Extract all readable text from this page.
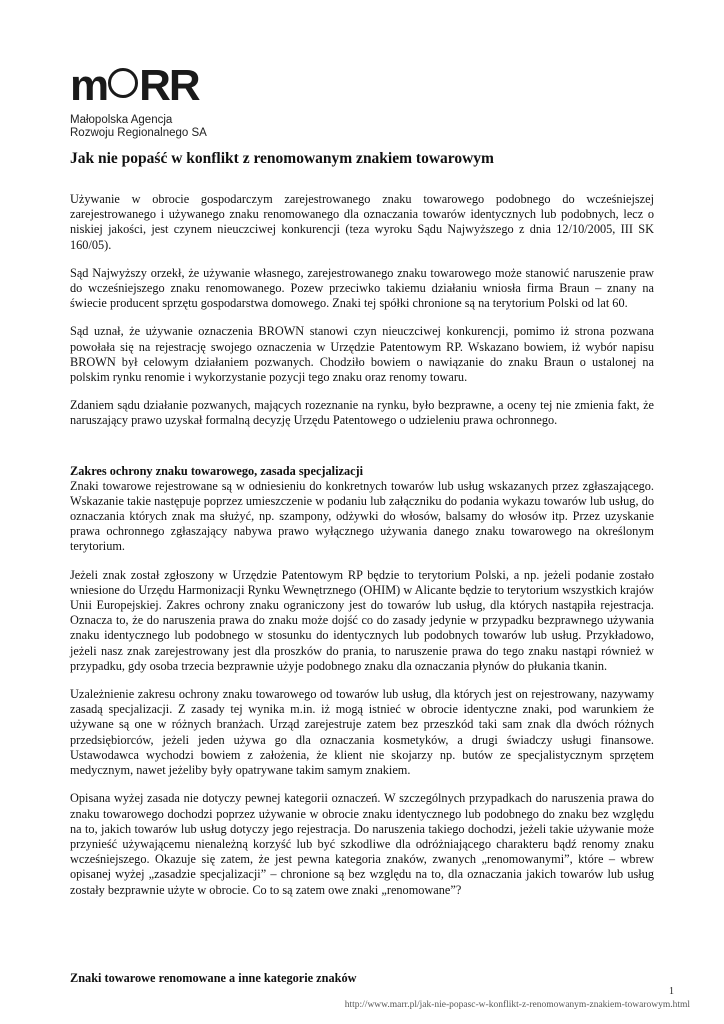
m RR
Małopolska Agencja
Rozwoju Regionalnego SA
Jak nie popaść w konflikt z renomowanym znakiem towarowym

Używanie w obrocie gospodarczym zarejestrowanego znaku towarowego podobnego do wcześniejszej zarejestrowanego i używanego znaku renomowanego dla oznaczania towarów identycznych lub podobnych, lecz o niskiej jakości, jest czynem nieuczciwej konkurencji (teza wyroku Sądu Najwyższego z dnia 12/10/2005, III SK 160/05).

Sąd Najwyższy orzekł, że używanie własnego, zarejestrowanego znaku towarowego może stanowić naruszenie praw do wcześniejszego znaku renomowanego. Pozew przeciwko takiemu działaniu wniosła firma Braun – znany na świecie producent sprzętu gospodarstwa domowego. Znaki tej spółki chronione są na terytorium Polski od lat 60.

Sąd uznał, że używanie oznaczenia BROWN stanowi czyn nieuczciwej konkurencji, pomimo iż strona pozwana powołała się na rejestrację swojego oznaczenia w Urzędzie Patentowym RP. Wskazano bowiem, iż wybór napisu BROWN był celowym działaniem pozwanych. Chodziło bowiem o nawiązanie do znaku Braun o ustalonej na polskim rynku renomie i wykorzystanie pozycji tego znaku oraz renomy towaru.

Zdaniem sądu działanie pozwanych, mających rozeznanie na rynku, było bezprawne, a oceny tej nie zmienia fakt, że naruszający prawo uzyskał formalną decyzję Urzędu Patentowego o udzieleniu prawa ochronnego.

Zakres ochrony znaku towarowego, zasada specjalizacji

Znaki towarowe rejestrowane są w odniesieniu do konkretnych towarów lub usług wskazanych przez zgłaszającego. Wskazanie takie następuje poprzez umieszczenie w podaniu lub załączniku do podania wykazu towarów lub usług, do oznaczania których znak ma służyć, np. szampony, odżywki do włosów, balsamy do włosów itp. Przez uzyskanie prawa ochronnego zgłaszający nabywa prawo wyłącznego używania danego znaku towarowego na określonym terytorium.

Jeżeli znak został zgłoszony w Urzędzie Patentowym RP będzie to terytorium Polski, a np. jeżeli podanie zostało wniesione do Urzędu Harmonizacji Rynku Wewnętrznego (OHIM) w Alicante będzie to terytorium wszystkich krajów Unii Europejskiej. Zakres ochrony znaku ograniczony jest do towarów lub usług, dla których nastąpiła rejestracja. Oznacza to, że do naruszenia prawa do znaku może dojść co do zasady jedynie w przypadku bezprawnego używania znaku identycznego lub podobnego w stosunku do identycznych lub podobnych towarów lub usług. Przykładowo, jeżeli nasz znak zarejestrowany jest dla proszków do prania, to naruszenie prawa do tego znaku nastąpi również w przypadku, gdy osoba trzecia bezprawnie użyje podobnego znaku dla oznaczania płynów do płukania tkanin.

Uzależnienie zakresu ochrony znaku towarowego od towarów lub usług, dla których jest on rejestrowany, nazywamy zasadą specjalizacji. Z zasady tej wynika m.in. iż mogą istnieć w obrocie identyczne znaki, pod warunkiem że używane są one w różnych branżach. Urząd zarejestruje zatem bez przeszkód taki sam znak dla dwóch różnych przedsiębiorców, jeżeli jeden używa go dla oznaczania kosmetyków, a drugi świadczy usługi finansowe. Ustawodawca wychodzi bowiem z założenia, że klient nie skojarzy np. butów ze specjalistycznym sprzętem medycznym, nawet jeżeliby były opatrywane takim samym znakiem.

Opisana wyżej zasada nie dotyczy pewnej kategorii oznaczeń. W szczególnych przypadkach do naruszenia prawa do znaku towarowego dochodzi poprzez używanie w obrocie znaku identycznego lub podobnego do znaku bez względu na to, jakich towarów lub usług dotyczy jego rejestracja. Do naruszenia takiego dochodzi, jeżeli takie używanie może przynieść używającemu nienależną korzyść lub być szkodliwe dla odróżniającego charakteru bądź renomy znaku wcześniejszego. Okazuje się zatem, że jest pewna kategoria znaków, zwanych „renomowanymi”, które – wbrew opisanej wyżej „zasadzie specjalizacji” – chronione są bez względu na to, dla oznaczania jakich towarów lub usług zostały bezprawnie użyte w obrocie. Co to są zatem owe znaki „renomowane”?

Znaki towarowe renomowane a inne kategorie znaków
1
http://www.marr.pl/jak-nie-popasc-w-konflikt-z-renomowanym-znakiem-towarowym.html
